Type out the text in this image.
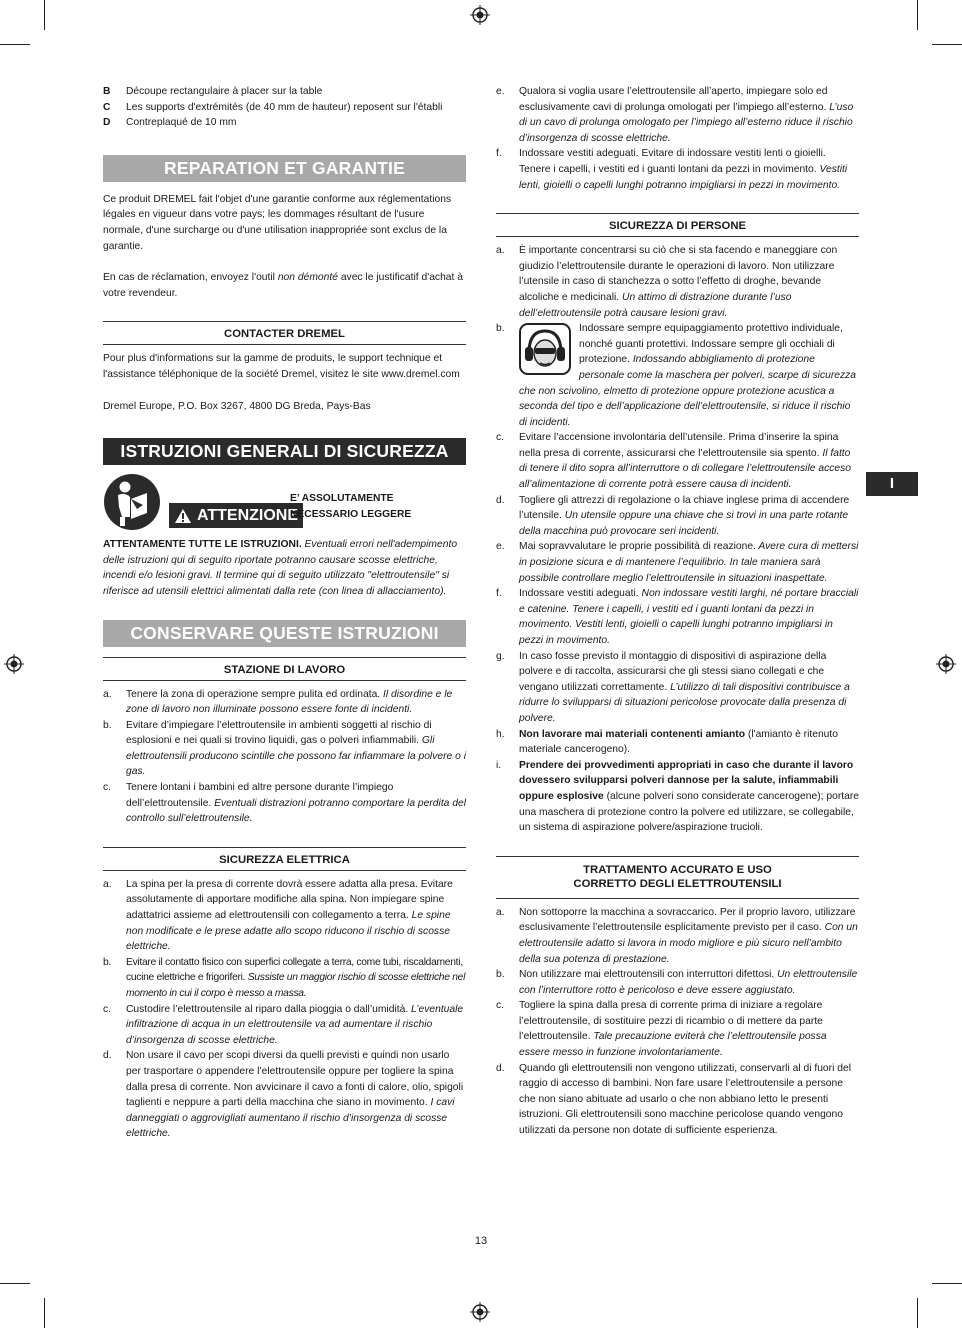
B	Découpe rectangulaire à placer sur la table
C	Les supports d'extrémités (de 40 mm de hauteur) reposent sur l'établi
D	Contreplaqué de 10 mm
REPARATION ET GARANTIE

Ce produit DREMEL fait l'objet d'une garantie conforme aux réglementations légales en vigueur dans votre pays; les dommages résultant de l'usure normale, d'une surcharge ou d'une utilisation inappropriée sont exclus de la garantie.

En cas de réclamation, envoyez l'outil non démonté avec le justificatif d'achat à votre revendeur.

CONTACTER DREMEL

Pour plus d'informations sur la gamme de produits, le support technique et l'assistance téléphonique de la société Dremel, visitez le site www.dremel.com

Dremel Europe, P.O. Box 3267, 4800 DG Breda, Pays-Bas

ISTRUZIONI GENERALI DI SICUREZZA
ATTENZIONE
E’ ASSOLUTAMENTE
NECESSARIO LEGGERE

ATTENTAMENTE TUTTE LE ISTRUZIONI. Eventuali errori nell'adempimento delle istruzioni qui di seguito riportate potranno causare scosse elettriche, incendi e/o lesioni gravi. Il termine qui di seguito utilizzato "elettroutensile" si riferisce ad utensili elettrici alimentati dalla rete (con linea di allacciamento).

CONSERVARE QUESTE ISTRUZIONI
STAZIONE DI LAVORO
a.	Tenere la zona di operazione sempre pulita ed ordinata. Il disordine e le zone di lavoro non illuminate possono essere fonte di incidenti.
b.	Evitare d’impiegare l’elettroutensile in ambienti soggetti al rischio di esplosioni e nei quali si trovino liquidi, gas o polveri infiammabili. Gli elettroutensili producono scintille che possono far infiammare la polvere o i gas.
c.	Tenere lontani i bambini ed altre persone durante l’impiego dell’elettroutensile. Eventuali distrazioni potranno comportare la perdita del controllo sull’elettroutensile.
SICUREZZA ELETTRICA
a.	La spina per la presa di corrente dovrà essere adatta alla presa. Evitare assolutamente di apportare modifiche alla spina. Non impiegare spine adattatrici assieme ad elettroutensili con collegamento a terra. Le spine non modificate e le prese adatte allo scopo riducono il rischio di scosse elettriche.
b.	Evitare il contatto fisico con superfici collegate a terra, come tubi, riscaldamenti, cucine elettriche e frigoriferi. Sussiste un maggior rischio di scosse elettriche nel momento in cui il corpo è messo a massa.
c.	Custodire l’elettroutensile al riparo dalla pioggia o dall’umidità. L’eventuale infiltrazione di acqua in un elettroutensile va ad aumentare il rischio d’insorgenza di scosse elettriche.
d.	Non usare il cavo per scopi diversi da quelli previsti e quindi non usarlo per trasportare o appendere l’elettroutensile oppure per togliere la spina dalla presa di corrente. Non avvicinare il cavo a fonti di calore, olio, spigoli taglienti e neppure a parti della macchina che siano in movimento. I cavi danneggiati o aggrovigliati aumentano il rischio d’insorgenza di scosse elettriche.
e.	Qualora si voglia usare l’elettroutensile all’aperto, impiegare solo ed esclusivamente cavi di prolunga omologati per l’impiego all’esterno. L’uso di un cavo di prolunga omologato per l’impiego all’esterno riduce il rischio d’insorgenza di scosse elettriche.
f.	Indossare vestiti adeguati. Evitare di indossare vestiti lenti o gioielli. Tenere i capelli, i vestiti ed i guanti lontani da pezzi in movimento. Vestiti lenti, gioielli o capelli lunghi potranno impigliarsi in pezzi in movimento.
SICUREZZA DI PERSONE
a.	È importante concentrarsi su ciò che si sta facendo e maneggiare con giudizio l’elettroutensile durante le operazioni di lavoro. Non utilizzare l’utensile in caso di stanchezza o sotto l’effetto di droghe, bevande alcoliche e medicinali. Un attimo di distrazione durante l’uso dell’elettroutensile potrà causare lesioni gravi.
b.	Indossare sempre equipaggiamento protettivo individuale, nonché guanti protettivi. Indossare sempre gli occhiali di protezione. Indossando abbigliamento di protezione personale come la maschera per polveri, scarpe di sicurezza che non scivolino, elmetto di protezione oppure protezione acustica a seconda del tipo e dell’applicazione dell’elettroutensile, si riduce il rischio di incidenti.
c.	Evitare l’accensione involontaria dell’utensile. Prima d’inserire la spina nella presa di corrente, assicurarsi che l’elettroutensile sia spento. Il fatto di tenere il dito sopra all’interruttore o di collegare l’elettroutensile acceso all’alimentazione di corrente potrà essere causa di incidenti.
d.	Togliere gli attrezzi di regolazione o la chiave inglese prima di accendere l’utensile. Un utensile oppure una chiave che si trovi in una parte rotante della macchina può provocare seri incidenti.
e.	Mai sopravvalutare le proprie possibilità di reazione. Avere cura di mettersi in posizione sicura e di mantenere l’equilibrio. In tale maniera sarà possibile controllare meglio l’elettroutensile in situazioni inaspettate.
f.	Indossare vestiti adeguati. Non indossare vestiti larghi, né portare bracciali e catenine. Tenere i capelli, i vestiti ed i guanti lontani da pezzi in movimento. Vestiti lenti, gioielli o capelli lunghi potranno impigliarsi in pezzi in movimento.
g.	In caso fosse previsto il montaggio di dispositivi di aspirazione della polvere e di raccolta, assicurarsi che gli stessi siano collegati e che vengano utilizzati correttamente. L’utilizzo di tali dispositivi contribuisce a ridurre lo svilupparsi di situazioni pericolose provocate dalla presenza di polvere.
h.	Non lavorare mai materiali contenenti amianto (l'amianto è ritenuto materiale cancerogeno).
i.	Prendere dei provvedimenti appropriati in caso che durante il lavoro dovessero svilupparsi polveri dannose per la salute, infiammabili oppure esplosive (alcune polveri sono considerate cancerogene); portare una maschera di protezione contro la polvere ed utilizzare, se collegabile, un sistema di aspirazione polvere/aspirazione trucioli.
TRATTAMENTO ACCURATO E USO
CORRETTO DEGLI ELETTROUTENSILI
a.	Non sottoporre la macchina a sovraccarico. Per il proprio lavoro, utilizzare esclusivamente l’elettroutensile esplicitamente previsto per il caso. Con un elettroutensile adatto si lavora in modo migliore e più sicuro nell’ambito della sua potenza di prestazione.
b.	Non utilizzare mai elettroutensili con interruttori difettosi. Un elettroutensile con l’interruttore rotto è pericoloso e deve essere aggiustato.
c.	Togliere la spina dalla presa di corrente prima di iniziare a regolare l’elettroutensile, di sostituire pezzi di ricambio o di mettere da parte l’elettroutensile. Tale precauzione eviterà che l’elettroutensile possa essere messo in funzione involontariamente.
d.	Quando gli elettroutensili non vengono utilizzati, conservarli al di fuori del raggio di accesso di bambini. Non fare usare l’elettroutensile a persone che non siano abituate ad usarlo o che non abbiano letto le presenti istruzioni. Gli elettroutensili sono macchine pericolose quando vengono utilizzati da persone non dotate di sufficiente esperienza.
I
13
